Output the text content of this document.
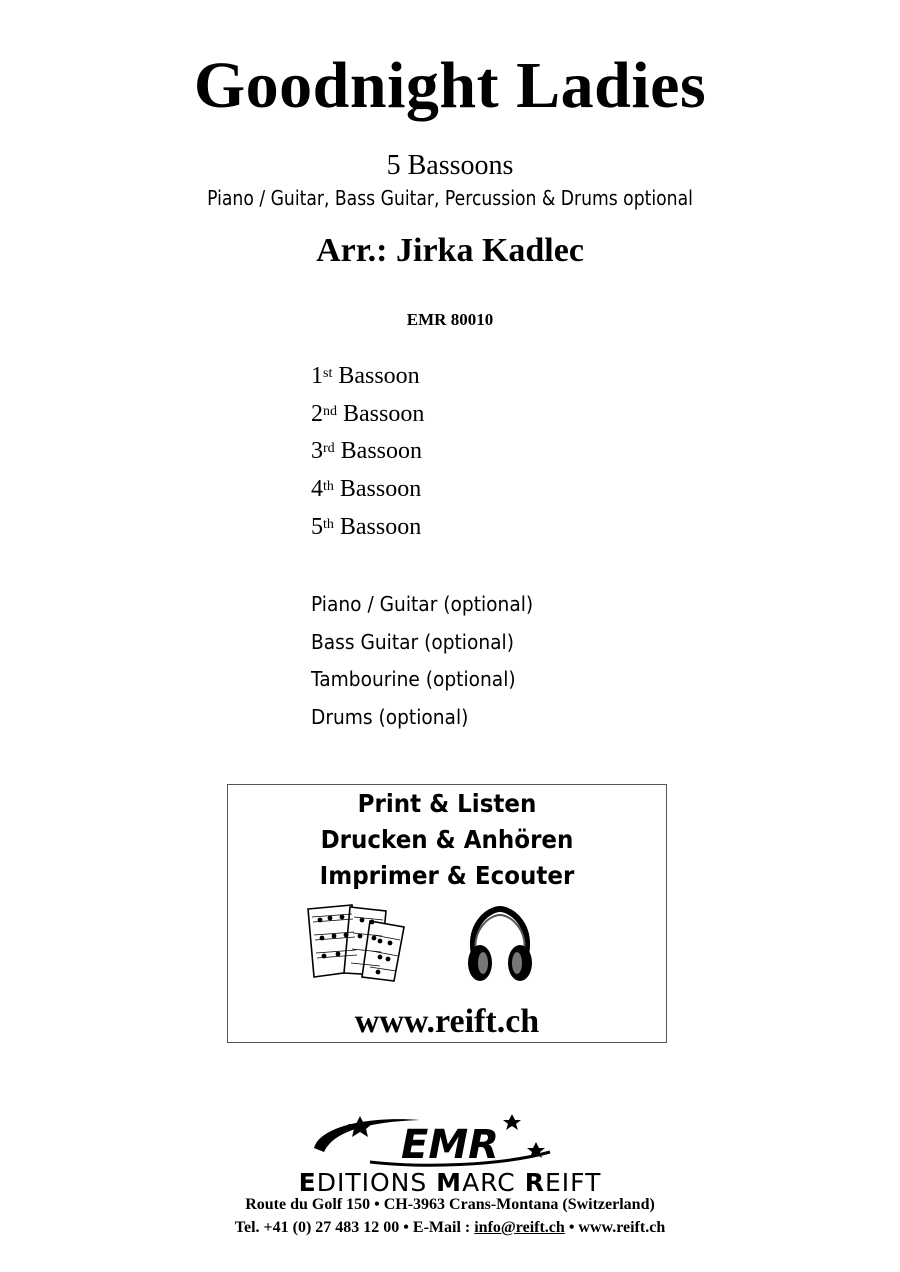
Goodnight Ladies
5 Bassoons
Piano / Guitar, Bass Guitar, Percussion & Drums optional
Arr.: Jirka Kadlec
EMR 80010
1st Bassoon
2nd Bassoon
3rd Bassoon
4th Bassoon
5th Bassoon
Piano / Guitar (optional)
Bass Guitar (optional)
Tambourine (optional)
Drums (optional)
Print & Listen
Drucken & Anhören
Imprimer & Ecouter
www.reift.ch
EMR
EDITIONS MARC REIFT
Route du Golf 150 • CH-3963 Crans-Montana (Switzerland)
Tel. +41 (0) 27 483 12 00 • E-Mail : info@reift.ch • www.reift.ch
